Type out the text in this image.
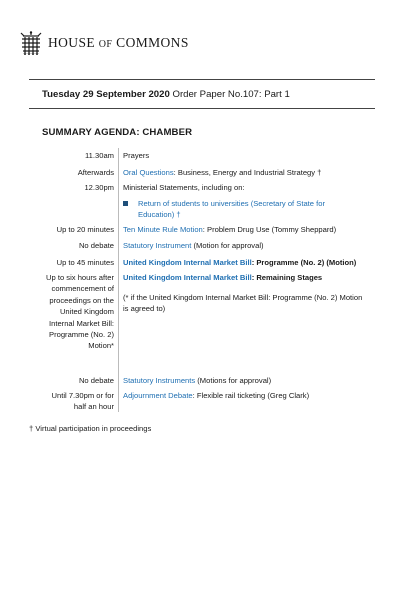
HOUSE OF COMMONS
Tuesday 29 September 2020 Order Paper No.107: Part 1
SUMMARY AGENDA: CHAMBER
11.30am Prayers
Afterwards Oral Questions: Business, Energy and Industrial Strategy †
12.30pm Ministerial Statements, including on:
Return of students to universities (Secretary of State for Education) †
Up to 20 minutes Ten Minute Rule Motion: Problem Drug Use (Tommy Sheppard)
No debate Statutory Instrument (Motion for approval)
Up to 45 minutes United Kingdom Internal Market Bill: Programme (No. 2) (Motion)
Up to six hours after commencement of proceedings on the United Kingdom Internal Market Bill: Programme (No. 2) Motion*
United Kingdom Internal Market Bill: Remaining Stages
(* if the United Kingdom Internal Market Bill: Programme (No. 2) Motion is agreed to)
No debate Statutory Instruments (Motions for approval)
Until 7.30pm or for half an hour
Adjournment Debate: Flexible rail ticketing (Greg Clark)
† Virtual participation in proceedings
